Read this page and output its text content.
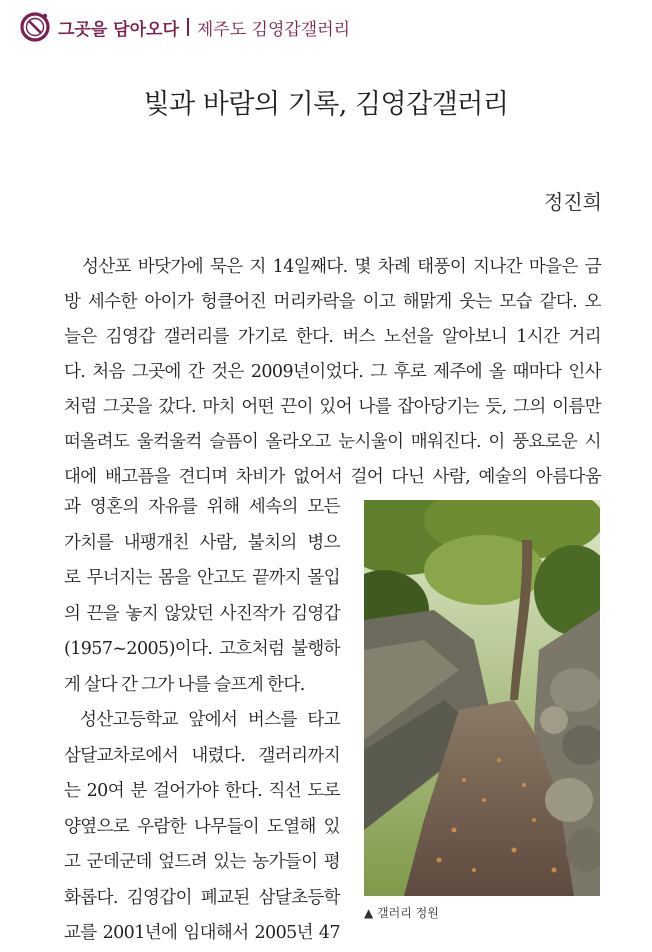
그곳을 담아오다 제주도 김영갑갤러리
빛과 바람의 기록, 김영갑갤러리
정진희
성산포 바닷가에 묵은 지 14일째다. 몇 차례 태풍이 지나간 마을은 금
방 세수한 아이가 헝클어진 머리카락을 이고 해맑게 웃는 모습 같다. 오
늘은 김영갑 갤러리를 가기로 한다. 버스 노선을 알아보니 1시간 거리
다. 처음 그곳에 간 것은 2009년이었다. 그 후로 제주에 올 때마다 인사
처럼 그곳을 갔다. 마치 어떤 끈이 있어 나를 잡아당기는 듯, 그의 이름만
떠올려도 울컥울컥 슬픔이 올라오고 눈시울이 매워진다. 이 풍요로운 시
대에 배고픔을 견디며 차비가 없어서 걸어 다닌 사람, 예술의 아름다움
과 영혼의 자유를 위해 세속의 모든
가치를 내팽개친 사람, 불치의 병으
로 무너지는 몸을 안고도 끝까지 몰입
의 끈을 놓지 않았던 사진작가 김영갑
(1957~2005)이다. 고흐처럼 불행하
게 살다 간 그가 나를 슬프게 한다.
성산고등학교 앞에서 버스를 타고
삼달교차로에서 내렸다. 갤러리까지
는 20여 분 걸어가야 한다. 직선 도로
양옆으로 우람한 나무들이 도열해 있
고 군데군데 엎드려 있는 농가들이 평
화롭다. 김영갑이 폐교된 삼달초등학
교를 2001년에 임대해서 2005년 47
▲ 갤러리 정원
